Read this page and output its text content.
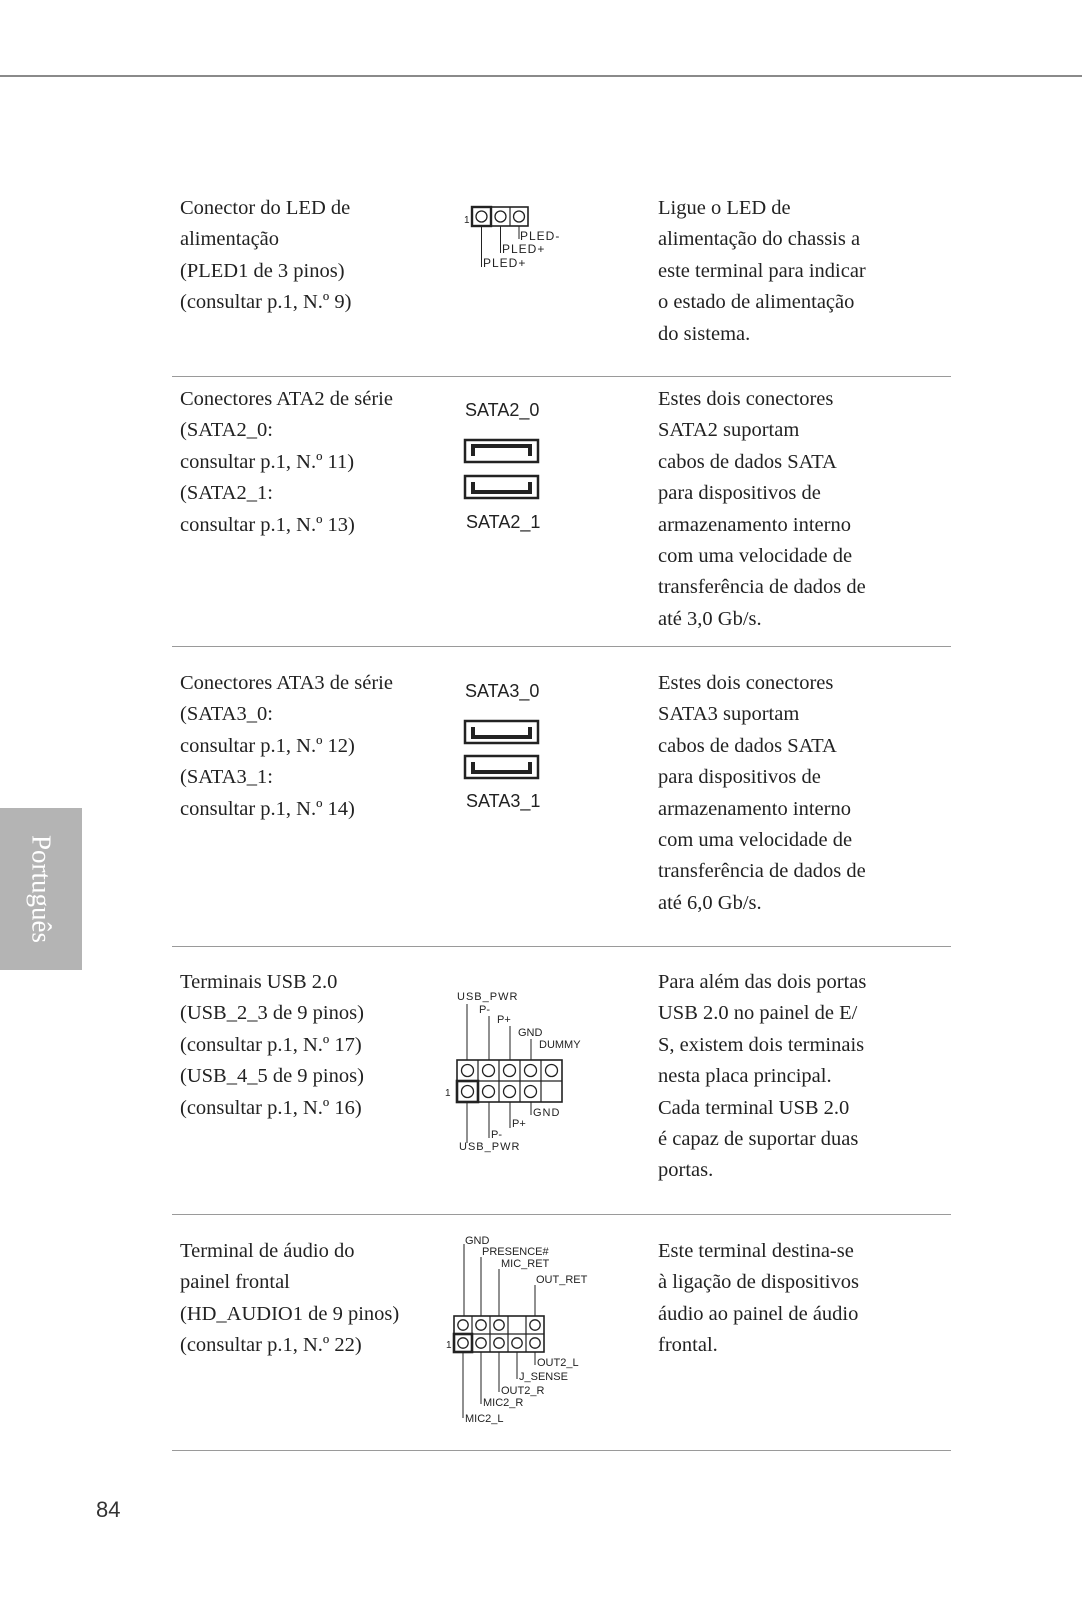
Português
Conector do LED de
alimentação
(PLED1 de 3 pinos)
(consultar p.1, N.º 9)
1
PLED-
PLED+
PLED+
Ligue o LED de
alimentação do chassis a
este terminal para indicar
o estado de alimentação
do sistema.
Conectores ATA2 de série
(SATA2_0:
consultar p.1, N.º 11)
(SATA2_1:
consultar p.1, N.º 13)
SATA2_0
SATA2_1
Estes dois conectores
SATA2 suportam
cabos de dados SATA
para dispositivos de
armazenamento interno
com uma velocidade de
transferência de dados de
até 3,0 Gb/s.
Conectores ATA3 de série
(SATA3_0:
consultar p.1, N.º 12)
(SATA3_1:
consultar p.1, N.º 14)
SATA3_0
SATA3_1
Estes dois conectores
SATA3 suportam
cabos de dados SATA
para dispositivos de
armazenamento interno
com uma velocidade de
transferência de dados de
até 6,0 Gb/s.
Terminais USB 2.0
(USB_2_3 de 9 pinos)
(consultar p.1, N.º 17)
(USB_4_5 de 9 pinos)
(consultar p.1, N.º 16)
USB_PWR
P-
P+
GND
DUMMY
1
GND
P+
P-
USB_PWR
Para além das dois portas
USB 2.0 no painel de E/
S, existem dois terminais
nesta placa principal.
Cada terminal USB 2.0
é capaz de suportar duas
portas.
Terminal de áudio do
painel frontal
(HD_AUDIO1 de 9 pinos)
(consultar p.1, N.º 22)
GND
PRESENCE#
MIC_RET
OUT_RET
1
OUT2_L
J_SENSE
OUT2_R
MIC2_R
MIC2_L
Este terminal destina-se
à ligação de dispositivos
áudio ao painel de áudio
frontal.
84
